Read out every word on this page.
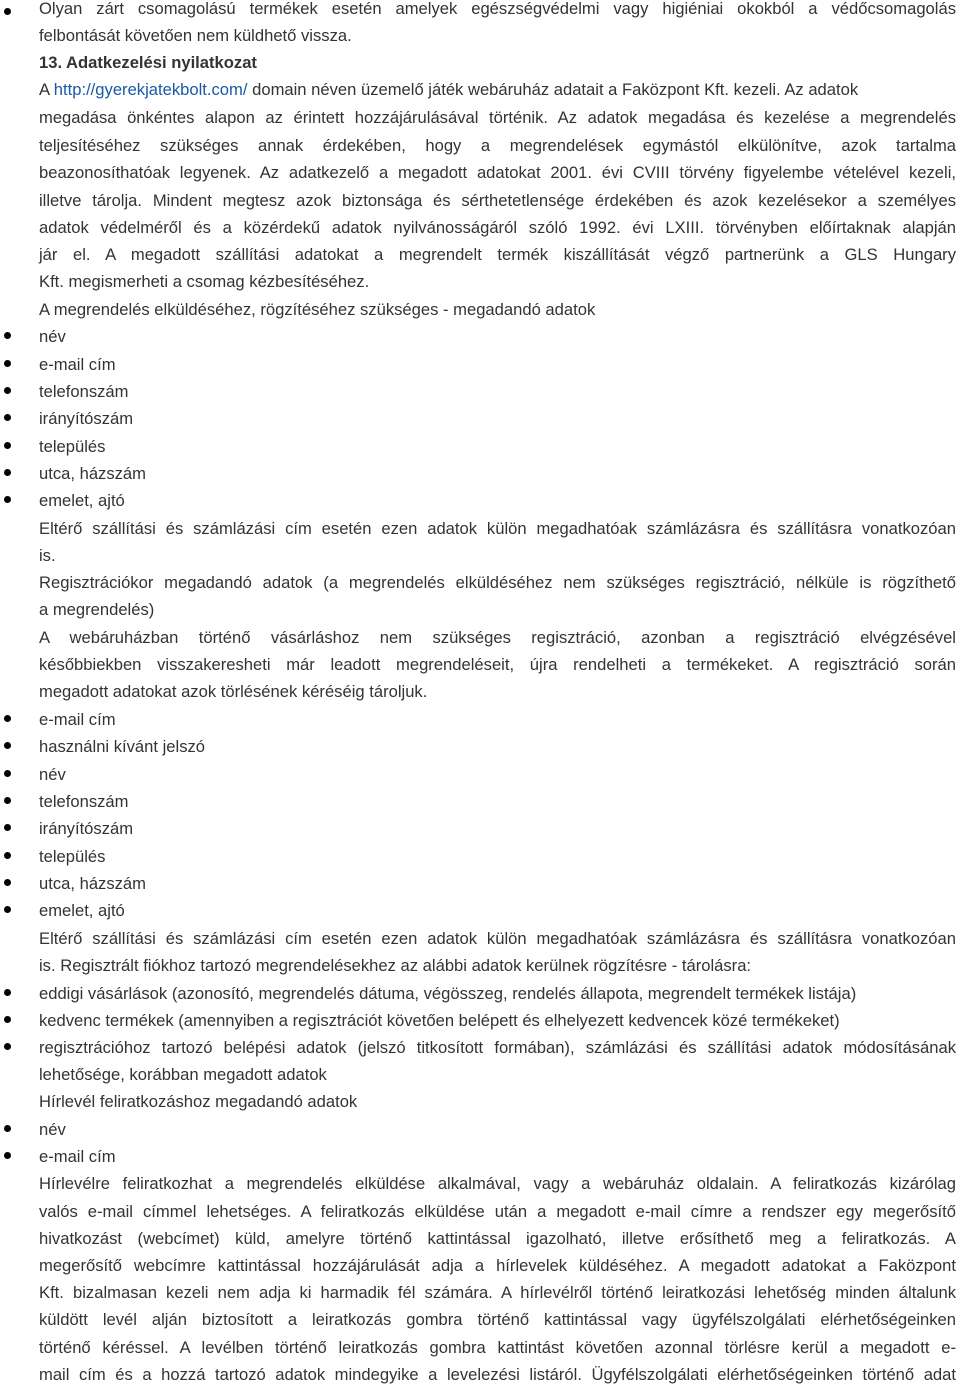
Olyan zárt csomagolású termékek esetén amelyek egészségvédelmi vagy higiéniai okokból a védőcsomagolás
felbontását követően nem küldhető vissza.
13. Adatkezelési nyilatkozat
A http://gyerekjatekbolt.com/ domain néven üzemelő játék webáruház adatait a Faközpont Kft. kezeli. Az adatok
megadása önkéntes alapon az érintett hozzájárulásával történik. Az adatok megadása és kezelése a megrendelés
teljesítéséhez szükséges annak érdekében, hogy a megrendelések egymástól elkülönítve, azok tartalma
beazonosíthatóak legyenek. Az adatkezelő a megadott adatokat 2001. évi CVIII törvény figyelembe vételével kezeli,
illetve tárolja. Mindent megtesz azok biztonsága és sérthetetlensége érdekében és azok kezelésekor a személyes
adatok védelméről és a közérdekű adatok nyilvánosságáról szóló 1992. évi LXIII. törvényben előírtaknak alapján
jár el. A megadott szállítási adatokat a megrendelt termék kiszállítását végző partnerünk a GLS Hungary
Kft. megismerheti a csomag kézbesítéséhez.
A megrendelés elküldéséhez, rögzítéséhez szükséges - megadandó adatok
név
e-mail cím
telefonszám
irányítószám
település
utca, házszám
emelet, ajtó
Eltérő szállítási és számlázási cím esetén ezen adatok külön megadhatóak számlázásra és szállításra vonatkozóan
is.
Regisztrációkor megadandó adatok (a megrendelés elküldéséhez nem szükséges regisztráció, nélküle is rögzíthető
a megrendelés)
A webáruházban történő vásárláshoz nem szükséges regisztráció, azonban a regisztráció elvégzésével
későbbiekben visszakeresheti már leadott megrendeléseit, újra rendelheti a termékeket. A regisztráció során
megadott adatokat azok törlésének kéréséig tároljuk.
e-mail cím
használni kívánt jelszó
név
telefonszám
irányítószám
település
utca, házszám
emelet, ajtó
Eltérő szállítási és számlázási cím esetén ezen adatok külön megadhatóak számlázásra és szállításra vonatkozóan
is. Regisztrált fiókhoz tartozó megrendelésekhez az alábbi adatok kerülnek rögzítésre - tárolásra:
eddigi vásárlások (azonosító, megrendelés dátuma, végösszeg, rendelés állapota, megrendelt termékek listája)
kedvenc termékek (amennyiben a regisztrációt követően belépett és elhelyezett kedvencek közé termékeket)
regisztrációhoz tartozó belépési adatok (jelszó titkosított formában), számlázási és szállítási adatok módosításának
lehetősége, korábban megadott adatok
Hírlevél feliratkozáshoz megadandó adatok
név
e-mail cím
Hírlevélre feliratkozhat a megrendelés elküldése alkalmával, vagy a webáruház oldalain. A feliratkozás kizárólag
valós e-mail címmel lehetséges. A feliratkozás elküldése után a megadott e-mail címre a rendszer egy megerősítő
hivatkozást (webcímet) küld, amelyre történő kattintással igazolható, illetve erősíthető meg a feliratkozás. A
megerősítő webcímre kattintással hozzájárulását adja a hírlevelek küldéséhez. A megadott adatokat a Faközpont
Kft. bizalmasan kezeli nem adja ki harmadik fél számára. A hírlevélről történő leiratkozási lehetőség minden általunk
küldött levél alján biztosított a leiratkozás gombra történő kattintással vagy ügyfélszolgálati elérhetőségeinken
történő kéréssel. A levélben történő leiratkozás gombra kattintást követően azonnal törlésre kerül a megadott e-
mail cím és a hozzá tartozó adatok mindegyike a levelezési listáról. Ügyfélszolgálati elérhetőségeinken történő adat
